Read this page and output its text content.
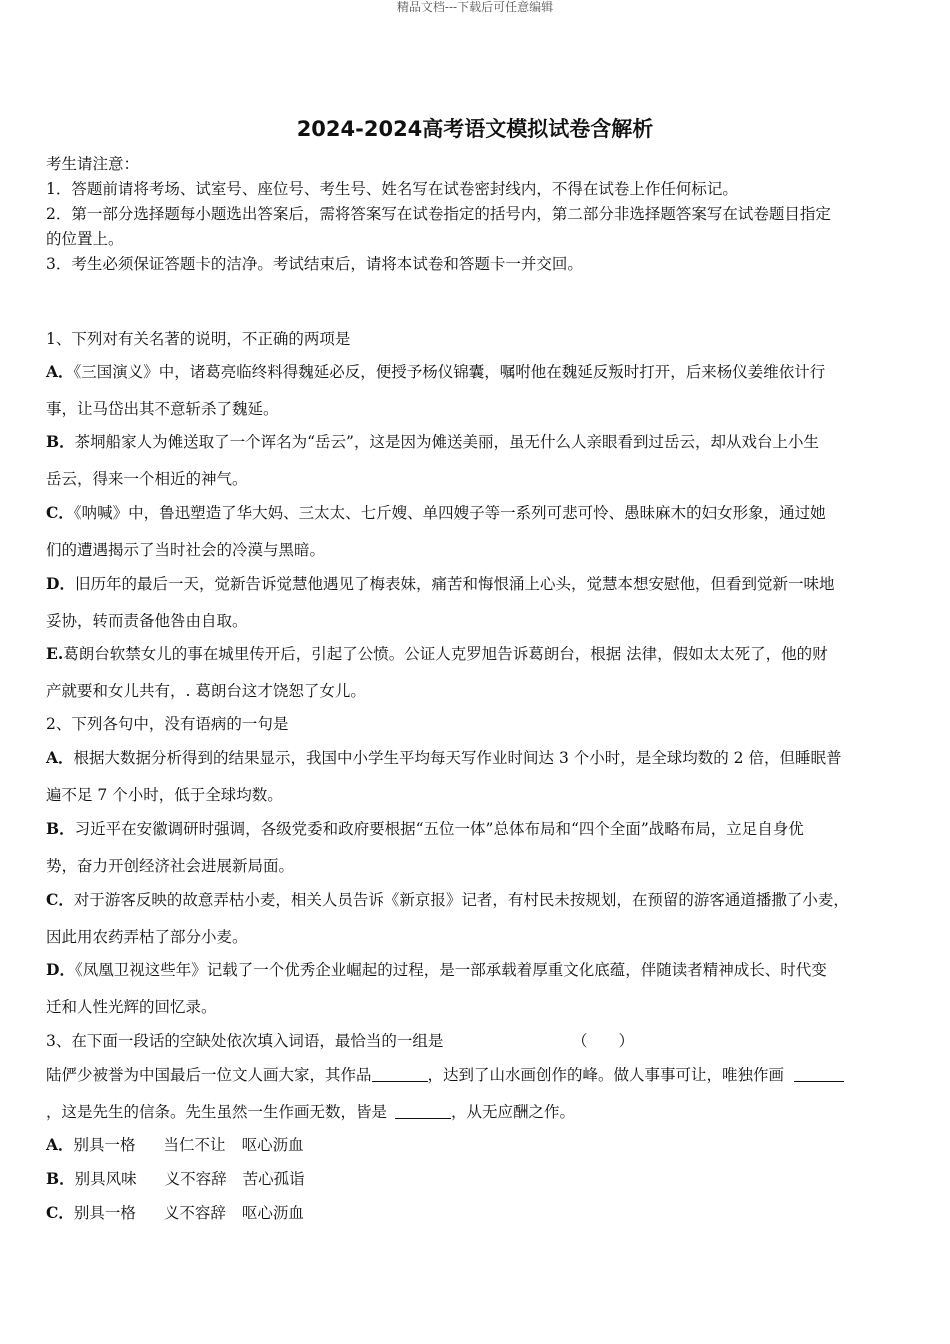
精品文档---下载后可任意编辑
2024-2024高考语文模拟试卷含解析
考生请注意：
1．答题前请将考场、试室号、座位号、考生号、姓名写在试卷密封线内，不得在试卷上作任何标记。
2．第一部分选择题每小题选出答案后，需将答案写在试卷指定的括号内，第二部分非选择题答案写在试卷题目指定
的位置上。
3．考生必须保证答题卡的洁净。考试结束后，请将本试卷和答题卡一并交回。
1、下列对有关名著的说明，不正确的两项是
A．《三国演义》中，诸葛亮临终料得魏延必反，便授予杨仪锦囊，嘱咐他在魏延反叛时打开，后来杨仪姜维依计行
事，让马岱出其不意斩杀了魏延。
B．茶垌船家人为傩送取了一个诨名为“岳云”，这是因为傩送美丽，虽无什么人亲眼看到过岳云，却从戏台上小生
岳云，得来一个相近的神气。
C．《呐喊》中，鲁迅塑造了华大妈、三太太、七斤嫂、单四嫂子等一系列可悲可怜、愚昧麻木的妇女形象，通过她
们的遭遇揭示了当时社会的冷漠与黑暗。
D．旧历年的最后一天，觉新告诉觉慧他遇见了梅表妹，痛苦和悔恨涌上心头，觉慧本想安慰他，但看到觉新一味地
妥协，转而责备他咎由自取。
E.葛朗台软禁女儿的事在城里传开后，引起了公愤。公证人克罗旭告诉葛朗台，根据 法律，假如太太死了，他的财
产就要和女儿共有，. 葛朗台这才饶恕了女儿。
2、下列各句中，没有语病的一句是
A．根据大数据分析得到的结果显示，我国中小学生平均每天写作业时间达 3 个小时，是全球均数的 2 倍，但睡眠普
遍不足 7 个小时，低于全球均数。
B．习近平在安徽调研时强调，各级党委和政府要根据“五位一体”总体布局和“四个全面”战略布局，立足自身优
势，奋力开创经济社会进展新局面。
C．对于游客反映的故意弄枯小麦，相关人员告诉《新京报》记者，有村民未按规划，在预留的游客通道播撒了小麦，
因此用农药弄枯了部分小麦。
D．《凤凰卫视这些年》记载了一个优秀企业崛起的过程，是一部承载着厚重文化底蕴，伴随读者精神成长、时代变
迁和人性光辉的回忆录。
3、在下面一段话的空缺处依次填入词语，最恰当的一组是	（　　）
陆俨少被誉为中国最后一位文人画大家，其作品	，达到了山水画创作的峰。做人事事可让，唯独作画
，这是先生的信条。先生虽然一生作画无数，皆是	，从无应酬之作。
A．别具一格 当仁不让 呕心沥血
B．别具风味 义不容辞 苦心孤诣
C．别具一格 义不容辞 呕心沥血
